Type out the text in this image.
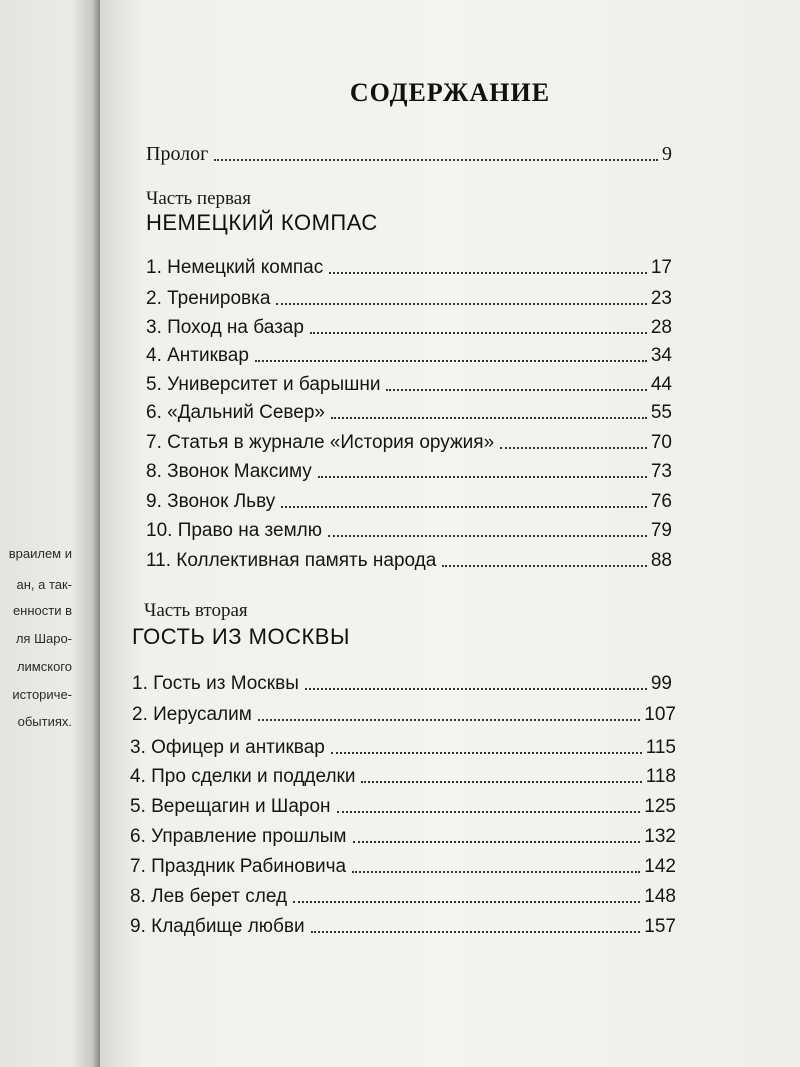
враилем и
ан, а так-
енности в
ля Шаро-
лимского
историче-
обытиях.
СОДЕРЖАНИЕ
Пролог	9
Часть первая
НЕМЕЦКИЙ КОМПАС
1. Немецкий компас	17
2. Тренировка	23
3. Поход на базар	28
4. Антиквар	34
5. Университет и барышни	44
6. «Дальний Север»	55
7. Статья в журнале «История оружия»	70
8. Звонок Максиму	73
9. Звонок Льву	76
10. Право на землю	79
11. Коллективная память народа	88
Часть вторая
ГОСТЬ ИЗ МОСКВЫ
1. Гость из Москвы	99
2. Иерусалим	107
3. Офицер и антиквар	115
4. Про сделки и подделки	118
5. Верещагин и Шарон	125
6. Управление прошлым	132
7. Праздник Рабиновича	142
8. Лев берет след	148
9. Кладбище любви	157
